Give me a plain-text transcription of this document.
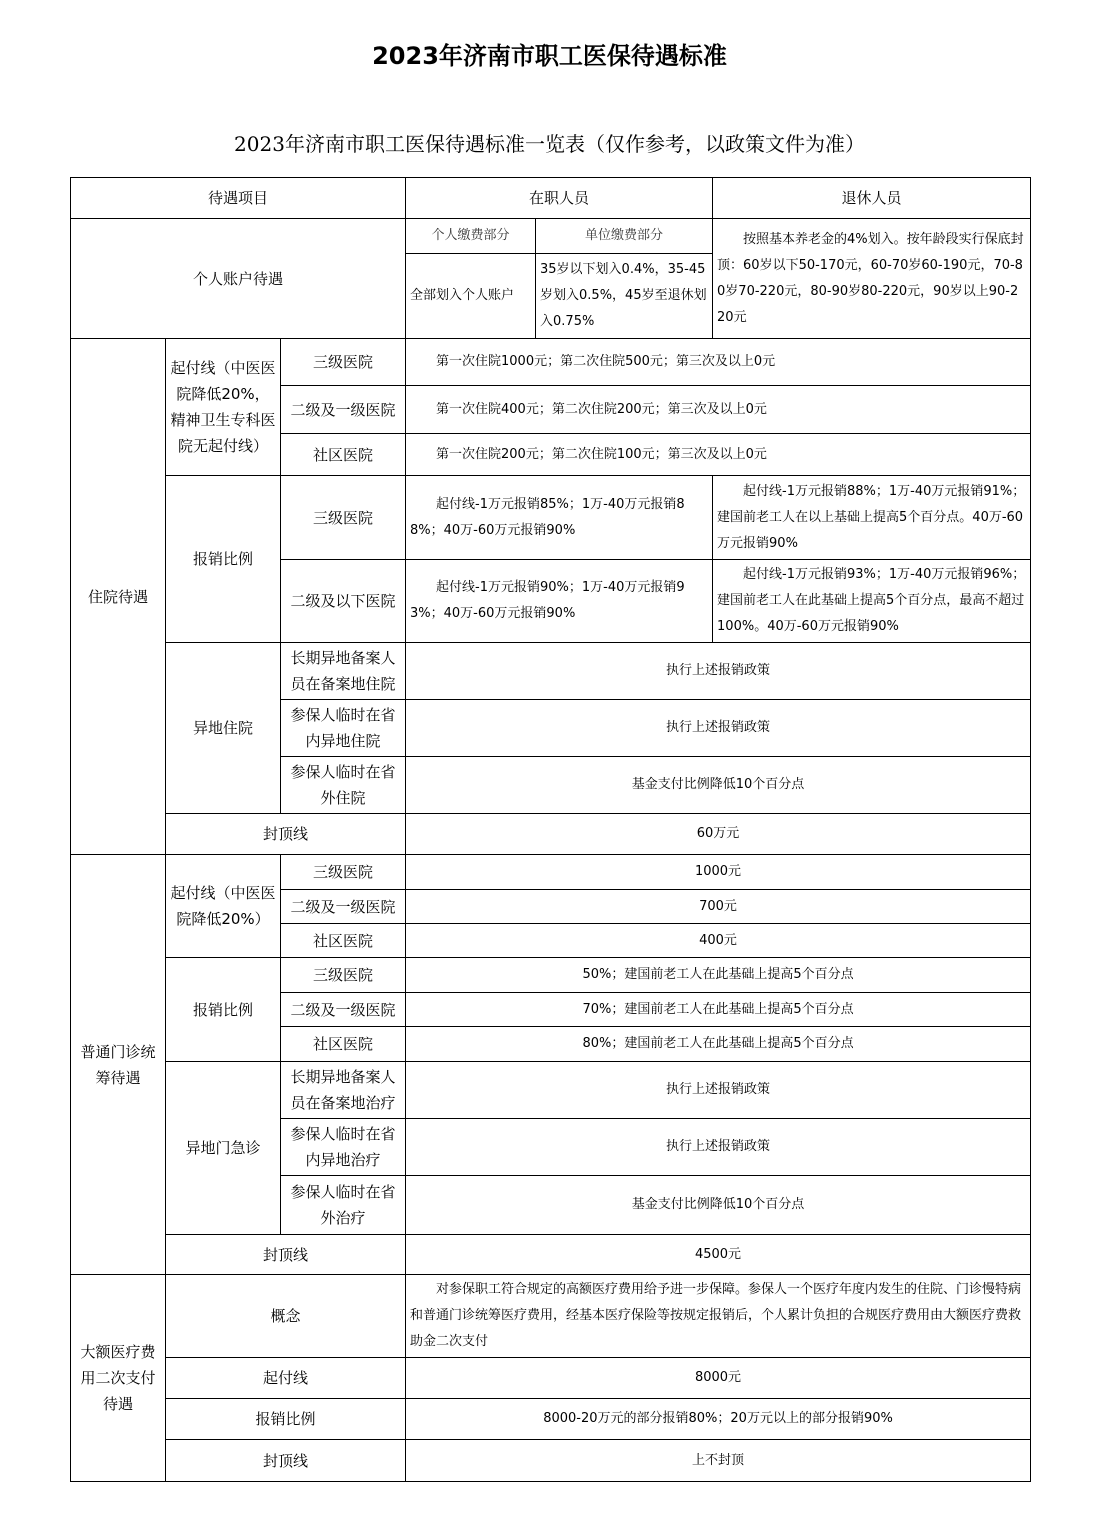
2023年济南市职工医保待遇标准
2023年济南市职工医保待遇标准一览表（仅作参考，以政策文件为准）
待遇项目			在职人员		退休人员
个人账户待遇			个人缴费部分	单位缴费部分	按照基本养老金的4%划入。按年龄段实行保底封顶：60岁以下50-170元，60-70岁60-190元，70-80岁70-220元，80-90岁80-220元，90岁以上90-220元
			全部划入个人账户	35岁以下划入0.4%，35-45岁划入0.5%，45岁至退休划入0.75%	
住院待遇	起付线（中医医院降低20%，精神卫生专科医院无起付线）	三级医院	第一次住院1000元；第二次住院500元；第三次及以上0元		
		二级及一级医院	第一次住院400元；第二次住院200元；第三次及以上0元		
		社区医院	第一次住院200元；第二次住院100元；第三次及以上0元		
	报销比例	三级医院	起付线-1万元报销85%；1万-40万元报销88%；40万-60万元报销90%		起付线-1万元报销88%；1万-40万元报销91%；建国前老工人在以上基础上提高5个百分点。40万-60万元报销90%
		二级及以下医院	起付线-1万元报销90%；1万-40万元报销93%；40万-60万元报销90%		起付线-1万元报销93%；1万-40万元报销96%；建国前老工人在此基础上提高5个百分点，最高不超过100%。40万-60万元报销90%
	异地住院	长期异地备案人员在备案地住院	执行上述报销政策		
		参保人临时在省内异地住院	执行上述报销政策		
		参保人临时在省外住院	基金支付比例降低10个百分点		
	封顶线		60万元		
普通门诊统筹待遇	起付线（中医医院降低20%）	三级医院	1000元		
		二级及一级医院	700元		
		社区医院	400元		
	报销比例	三级医院	50%；建国前老工人在此基础上提高5个百分点		
		二级及一级医院	70%；建国前老工人在此基础上提高5个百分点		
		社区医院	80%；建国前老工人在此基础上提高5个百分点		
	异地门急诊	长期异地备案人员在备案地治疗	执行上述报销政策		
		参保人临时在省内异地治疗	执行上述报销政策		
		参保人临时在省外治疗	基金支付比例降低10个百分点		
	封顶线		4500元		
大额医疗费用二次支付待遇	概念		对参保职工符合规定的高额医疗费用给予进一步保障。参保人一个医疗年度内发生的住院、门诊慢特病和普通门诊统筹医疗费用，经基本医疗保险等按规定报销后，个人累计负担的合规医疗费用由大额医疗费救助金二次支付		
	起付线		8000元		
	报销比例		8000-20万元的部分报销80%；20万元以上的部分报销90%		
	封顶线		上不封顶		
